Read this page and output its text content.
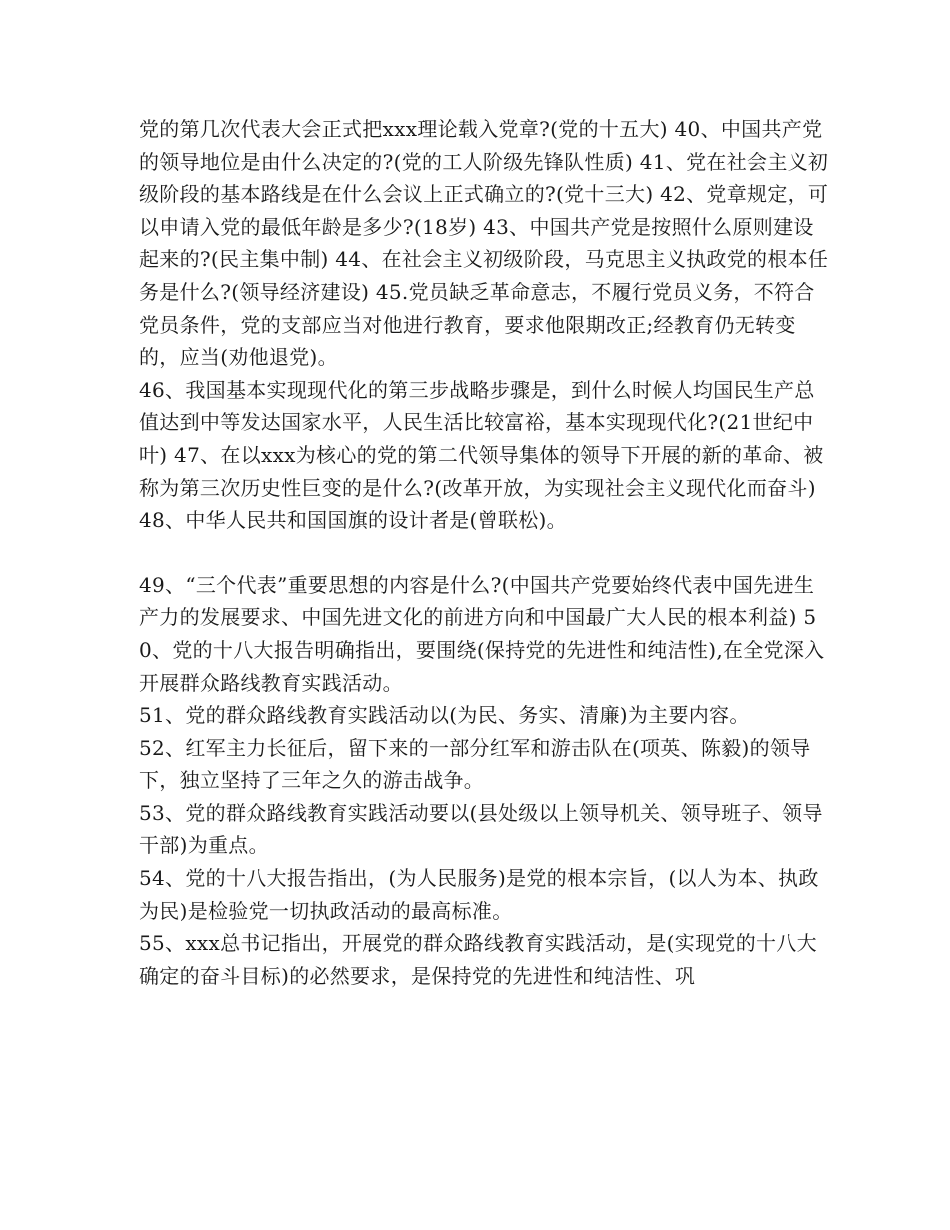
党的第几次代表大会正式把xxx理论载入党章?(党的十五大) 40、中国共产党的领导地位是由什么决定的?(党的工人阶级先锋队性质) 41、党在社会主义初级阶段的基本路线是在什么会议上正式确立的?(党十三大) 42、党章规定，可以申请入党的最低年龄是多少?(18岁) 43、中国共产党是按照什么原则建设起来的?(民主集中制) 44、在社会主义初级阶段，马克思主义执政党的根本任务是什么?(领导经济建设) 45.党员缺乏革命意志，不履行党员义务，不符合党员条件，党的支部应当对他进行教育，要求他限期改正;经教育仍无转变的，应当(劝他退党)。

46、我国基本实现现代化的第三步战略步骤是，到什么时候人均国民生产总值达到中等发达国家水平，人民生活比较富裕，基本实现现代化?(21世纪中叶) 47、在以xxx为核心的党的第二代领导集体的领导下开展的新的革命、被称为第三次历史性巨变的是什么?(改革开放，为实现社会主义现代化而奋斗) 48、中华人民共和国国旗的设计者是(曾联松)。

49、“三个代表”重要思想的内容是什么?(中国共产党要始终代表中国先进生产力的发展要求、中国先进文化的前进方向和中国最广大人民的根本利益) 50、党的十八大报告明确指出，要围绕(保持党的先进性和纯洁性),在全党深入开展群众路线教育实践活动。

51、党的群众路线教育实践活动以(为民、务实、清廉)为主要内容。

52、红军主力长征后，留下来的一部分红军和游击队在(项英、陈毅)的领导下，独立坚持了三年之久的游击战争。

53、党的群众路线教育实践活动要以(县处级以上领导机关、领导班子、领导干部)为重点。

54、党的十八大报告指出，(为人民服务)是党的根本宗旨，(以人为本、执政为民)是检验党一切执政活动的最高标准。

55、xxx总书记指出，开展党的群众路线教育实践活动，是(实现党的十八大确定的奋斗目标)的必然要求，是保持党的先进性和纯洁性、巩
